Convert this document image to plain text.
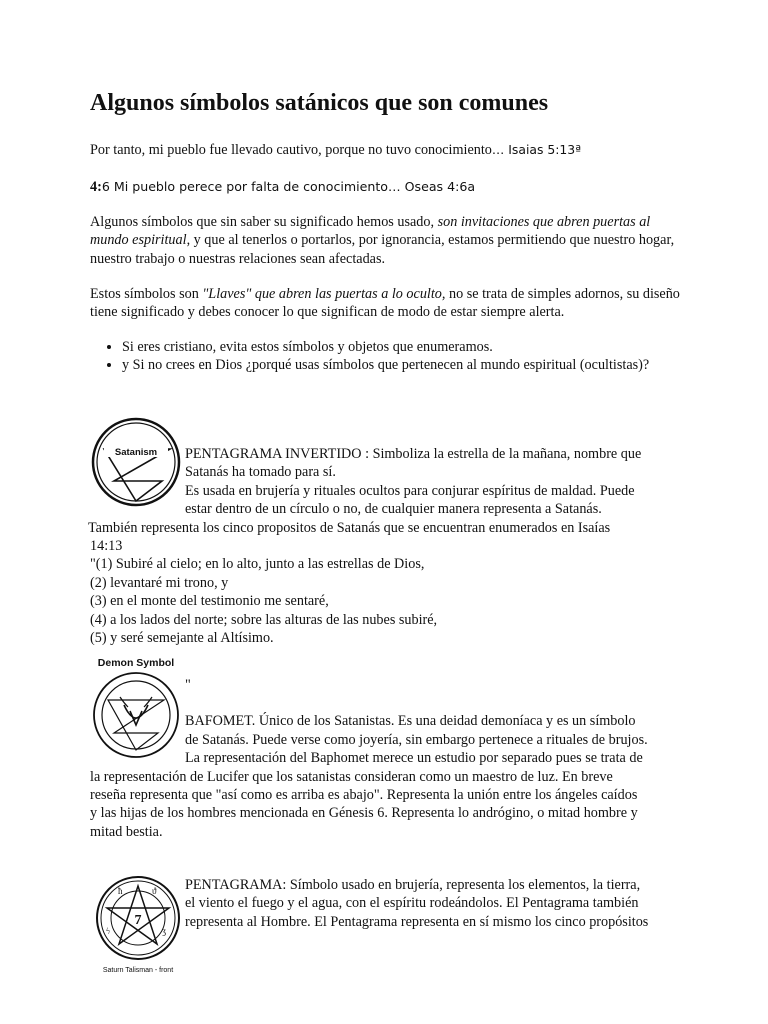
Algunos símbolos satánicos que son comunes

Por tanto, mi pueblo fue llevado cautivo, porque no tuvo conocimiento… Isaias 5:13ª

4:6 Mi pueblo perece por falta de conocimiento… Oseas 4:6a

Algunos símbolos que sin saber su significado hemos usado, son invitaciones que abren puertas al mundo espiritual, y que al tenerlos o portarlos, por ignorancia, estamos permitiendo que nuestro hogar, nuestro trabajo o nuestras relaciones sean afectadas.

Estos símbolos son "Llaves" que abren las puertas a lo oculto, no se trata de simples adornos, su diseño tiene significado y debes conocer lo que significan de modo de estar siempre alerta.

• Si eres cristiano, evita estos símbolos y objetos que enumeramos.
• y Si no crees en Dios ¿porqué usas símbolos que pertenecen al mundo espiritual (ocultistas)?
Satanism	PENTAGRAMA INVERTIDO : Simboliza la estrella de la mañana, nombre que
Satanás ha tomado para sí.
Es usada en brujería y rituales ocultos para conjurar espíritus de maldad. Puede
estar dentro de un círculo o no, de cualquier manera representa a Satanás.
También representa los cinco propositos de Satanás que se encuentran enumerados en Isaías
14:13
"(1) Subiré al cielo; en lo alto, junto a las estrellas de Dios,
(2) levantaré mi trono, y
(3) en el monte del testimonio me sentaré,
(4) a los lados del norte; sobre las alturas de las nubes subiré,
(5) y seré semejante al Altísimo.
Demon Symbol
"
BAFOMET. Único de los Satanistas. Es una deidad demoníaca y es un símbolo
de Satanás. Puede verse como joyería, sin embargo pertenece a rituales de brujos.
La representación del Baphomet merece un estudio por separado pues se trata de
la representación de Lucifer que los satanistas consideran como un maestro de luz. En breve
reseña representa que "así como es arriba es abajo". Representa la unión entre los ángeles caídos
y las hijas de los hombres mencionada en Génesis 6. Representa lo andrógino, o mitad hombre y
mitad bestia.
7
ħ	ϑ
ϟ	ʒ
Saturn Talisman - front
PENTAGRAMA: Símbolo usado en brujería, representa los elementos, la tierra,
el viento el fuego y el agua, con el espíritu rodeándolos. El Pentagrama también
representa al Hombre. El Pentagrama representa en sí mismo los cinco propósitos
